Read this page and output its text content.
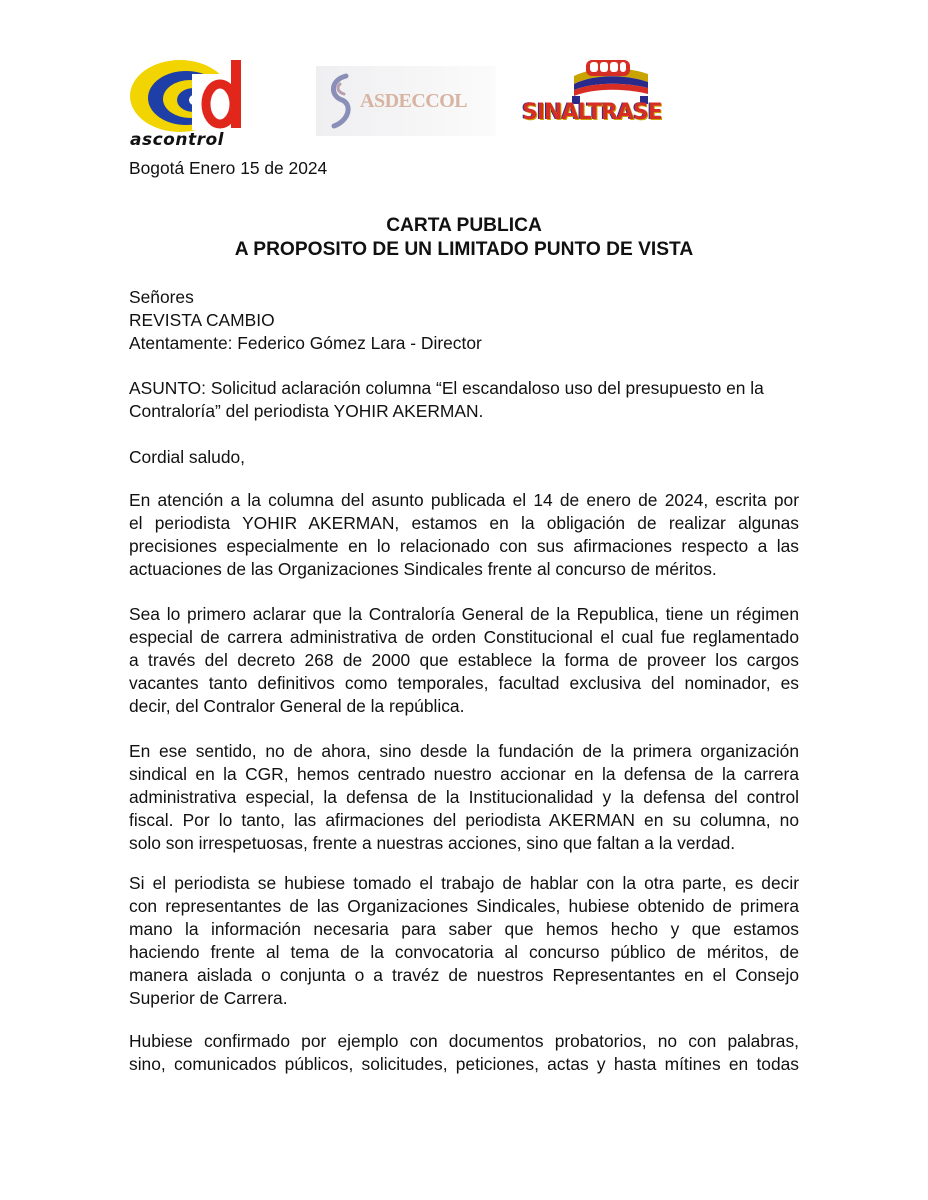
ascontrol
ASDECCOL SINALTRASE
Bogotá Enero 15 de 2024
CARTA PUBLICA
A PROPOSITO DE UN LIMITADO PUNTO DE VISTA
Señores
REVISTA CAMBIO
Atentamente: Federico Gómez Lara - Director
ASUNTO: Solicitud aclaración columna “El escandaloso uso del presupuesto en la
Contraloría” del periodista YOHIR AKERMAN.
Cordial saludo,
En atención a la columna del asunto publicada el 14 de enero de 2024, escrita por
el periodista YOHIR AKERMAN, estamos en la obligación de realizar algunas
precisiones especialmente en lo relacionado con sus afirmaciones respecto a las
actuaciones de las Organizaciones Sindicales frente al concurso de méritos.
Sea lo primero aclarar que la Contraloría General de la Republica, tiene un régimen
especial de carrera administrativa de orden Constitucional el cual fue reglamentado
a través del decreto 268 de 2000 que establece la forma de proveer los cargos
vacantes tanto definitivos como temporales, facultad exclusiva del nominador, es
decir, del Contralor General de la república.
En ese sentido, no de ahora, sino desde la fundación de la primera organización
sindical en la CGR, hemos centrado nuestro accionar en la defensa de la carrera
administrativa especial, la defensa de la Institucionalidad y la defensa del control
fiscal. Por lo tanto, las afirmaciones del periodista AKERMAN en su columna, no
solo son irrespetuosas, frente a nuestras acciones, sino que faltan a la verdad.
Si el periodista se hubiese tomado el trabajo de hablar con la otra parte, es decir
con representantes de las Organizaciones Sindicales, hubiese obtenido de primera
mano la información necesaria para saber que hemos hecho y que estamos
haciendo frente al tema de la convocatoria al concurso público de méritos, de
manera aislada o conjunta o a travéz de nuestros Representantes en el Consejo
Superior de Carrera.
Hubiese confirmado por ejemplo con documentos probatorios, no con palabras,
sino, comunicados públicos, solicitudes, peticiones, actas y hasta mítines en todas
